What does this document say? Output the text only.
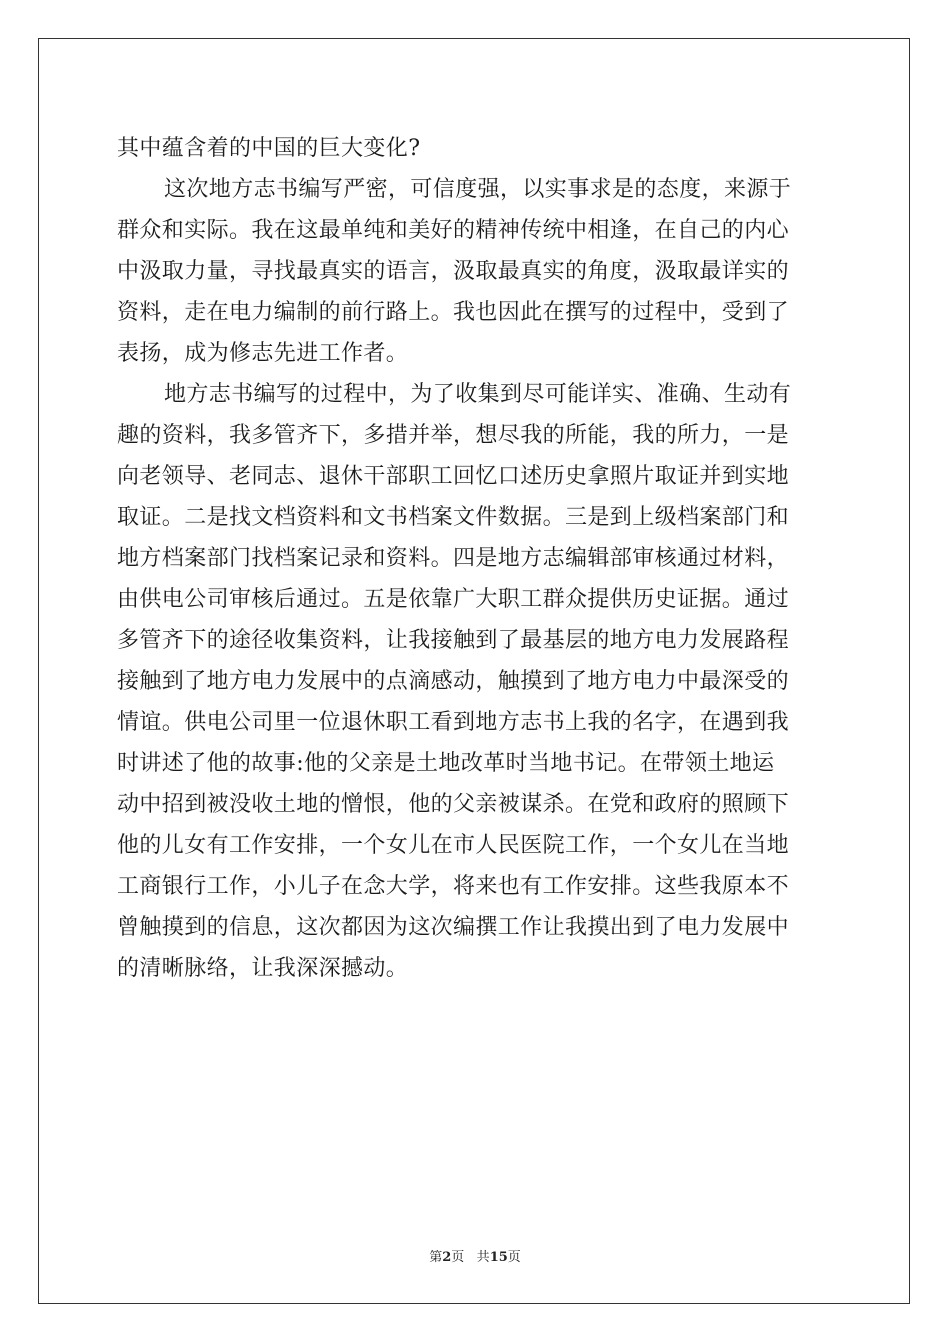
其中蕴含着的中国的巨大变化?
这次地方志书编写严密，可信度强，以实事求是的态度，来源于
群众和实际。我在这最单纯和美好的精神传统中相逢，在自己的内心
中汲取力量，寻找最真实的语言，汲取最真实的角度，汲取最详实的
资料，走在电力编制的前行路上。我也因此在撰写的过程中，受到了
表扬，成为修志先进工作者。
地方志书编写的过程中，为了收集到尽可能详实、准确、生动有
趣的资料，我多管齐下，多措并举，想尽我的所能，我的所力，一是
向老领导、老同志、退休干部职工回忆口述历史拿照片取证并到实地
取证。二是找文档资料和文书档案文件数据。三是到上级档案部门和
地方档案部门找档案记录和资料。四是地方志编辑部审核通过材料，
由供电公司审核后通过。五是依靠广大职工群众提供历史证据。通过
多管齐下的途径收集资料，让我接触到了最基层的地方电力发展路程
接触到了地方电力发展中的点滴感动，触摸到了地方电力中最深受的
情谊。供电公司里一位退休职工看到地方志书上我的名字，在遇到我
时讲述了他的故事:他的父亲是土地改革时当地书记。在带领土地运
动中招到被没收土地的憎恨，他的父亲被谋杀。在党和政府的照顾下
他的儿女有工作安排，一个女儿在市人民医院工作，一个女儿在当地
工商银行工作，小儿子在念大学，将来也有工作安排。这些我原本不
曾触摸到的信息，这次都因为这次编撰工作让我摸出到了电力发展中
的清晰脉络，让我深深撼动。
第2页 共15页
